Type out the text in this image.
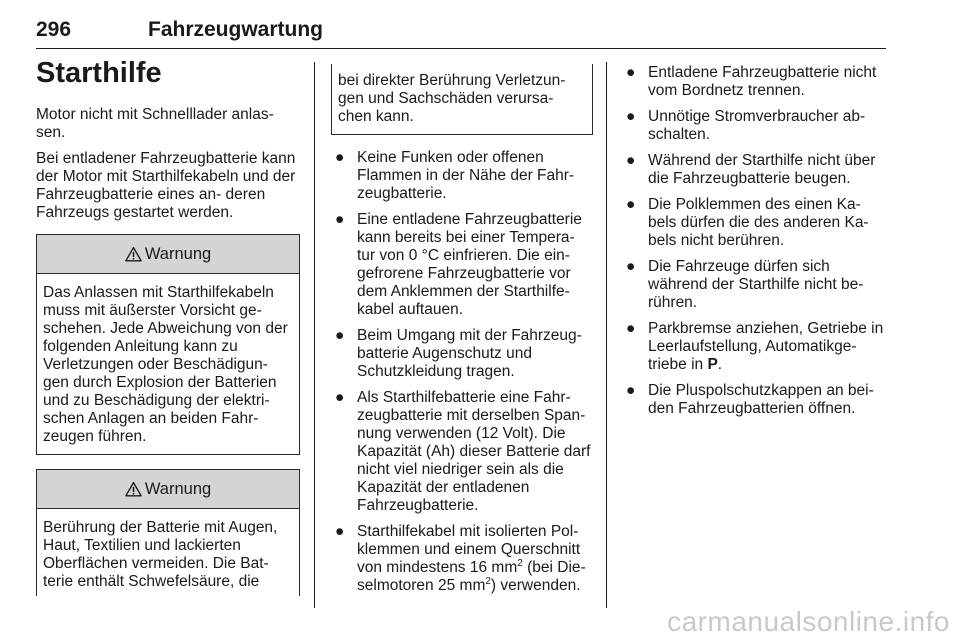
296	Fahrzeugwartung
Starthilfe

Motor nicht mit Schnelllader anlas- sen.

Bei entladener Fahrzeugbatterie kann der Motor mit Starthilfekabeln und der Fahrzeugbatterie eines an- deren Fahrzeugs gestartet werden.

Warnung
Das Anlassen mit Starthilfekabeln muss mit äußerster Vorsicht ge- schehen. Jede Abweichung von der folgenden Anleitung kann zu Verletzungen oder Beschädigun- gen durch Explosion der Batterien und zu Beschädigung der elektri- schen Anlagen an beiden Fahr- zeugen führen.
Warnung
Berührung der Batterie mit Augen, Haut, Textilien und lackierten Oberflächen vermeiden. Die Bat- terie enthält Schwefelsäure, die
bei direkter Berührung Verletzun- gen und Sachschäden verursa- chen kann.
● Keine Funken oder offenen Flammen in der Nähe der Fahr- zeugbatterie.
● Eine entladene Fahrzeugbatterie kann bereits bei einer Tempera- tur von 0 °C einfrieren. Die ein- gefrorene Fahrzeugbatterie vor dem Anklemmen der Starthilfe- kabel auftauen.
● Beim Umgang mit der Fahrzeug- batterie Augenschutz und Schutzkleidung tragen.
● Als Starthilfebatterie eine Fahr- zeugbatterie mit derselben Span- nung verwenden (12 Volt). Die Kapazität (Ah) dieser Batterie darf nicht viel niedriger sein als die Kapazität der entladenen Fahrzeugbatterie.
● Starthilfekabel mit isolierten Pol- klemmen und einem Querschnitt von mindestens 16 $mm^2$ (bei Die- selmotoren 25 $mm^2$) verwenden.
● Entladene Fahrzeugbatterie nicht vom Bordnetz trennen.
● Unnötige Stromverbraucher ab- schalten.
● Während der Starthilfe nicht über die Fahrzeugbatterie beugen.
● Die Polklemmen des einen Ka- bels dürfen die des anderen Ka- bels nicht berühren.
● Die Fahrzeuge dürfen sich während der Starthilfe nicht be- rühren.
● Parkbremse anziehen, Getriebe in Leerlaufstellung, Automatikge- triebe in P.
● Die Pluspolschutzkappen an bei- den Fahrzeugbatterien öffnen.
carmanualsonline.info
